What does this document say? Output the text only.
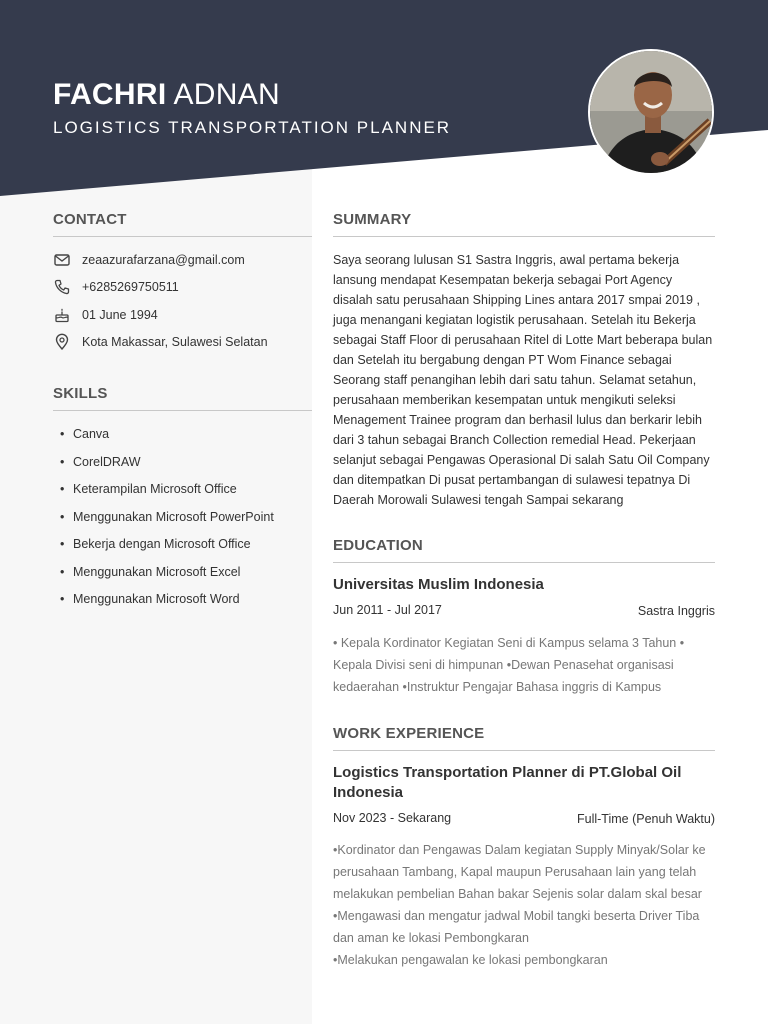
FACHRI ADNAN
LOGISTICS TRANSPORTATION PLANNER
CONTACT
zeaazurafarzana@gmail.com
+6285269750511
01 June 1994
Kota Makassar, Sulawesi Selatan
SKILLS
• Canva
• CorelDRAW
• Keterampilan Microsoft Office
• Menggunakan Microsoft PowerPoint
• Bekerja dengan Microsoft Office
• Menggunakan Microsoft Excel
• Menggunakan Microsoft Word
SUMMARY

Saya seorang lulusan S1 Sastra Inggris, awal pertama bekerja lansung mendapat Kesempatan bekerja sebagai Port Agency disalah satu perusahaan Shipping Lines antara 2017 smpai 2019 , juga menangani kegiatan logistik perusahaan. Setelah itu Bekerja sebagai Staff Floor di perusahaan Ritel di Lotte Mart beberapa bulan dan Setelah itu bergabung dengan PT Wom Finance sebagai Seorang staff penangihan lebih dari satu tahun. Selamat setahun, perusahaan memberikan kesempatan untuk mengikuti seleksi Menagement Trainee program dan berhasil lulus dan berkarir lebih dari 3 tahun sebagai Branch Collection remedial Head. Pekerjaan selanjut sebagai Pengawas Operasional Di salah Satu Oil Company dan ditempatkan Di pusat pertambangan di sulawesi tepatnya Di Daerah Morowali Sulawesi tengah Sampai sekarang

EDUCATION
Universitas Muslim Indonesia
Jun 2011 - Jul 2017	Sastra Inggris

• Kepala Kordinator Kegiatan Seni di Kampus selama 3 Tahun • Kepala Divisi seni di himpunan •Dewan Penasehat organisasi kedaerahan •Instruktur Pengajar Bahasa inggris di Kampus

WORK EXPERIENCE
Logistics Transportation Planner di PT.Global Oil Indonesia
Nov 2023 - Sekarang	Full-Time (Penuh Waktu)
•Kordinator dan Pengawas Dalam kegiatan Supply Minyak/Solar ke perusahaan Tambang, Kapal maupun Perusahaan lain yang telah melakukan pembelian Bahan bakar Sejenis solar dalam skal besar
•Mengawasi dan mengatur jadwal Mobil tangki beserta Driver Tiba dan aman ke lokasi Pembongkaran
•Melakukan pengawalan ke lokasi pembongkaran
